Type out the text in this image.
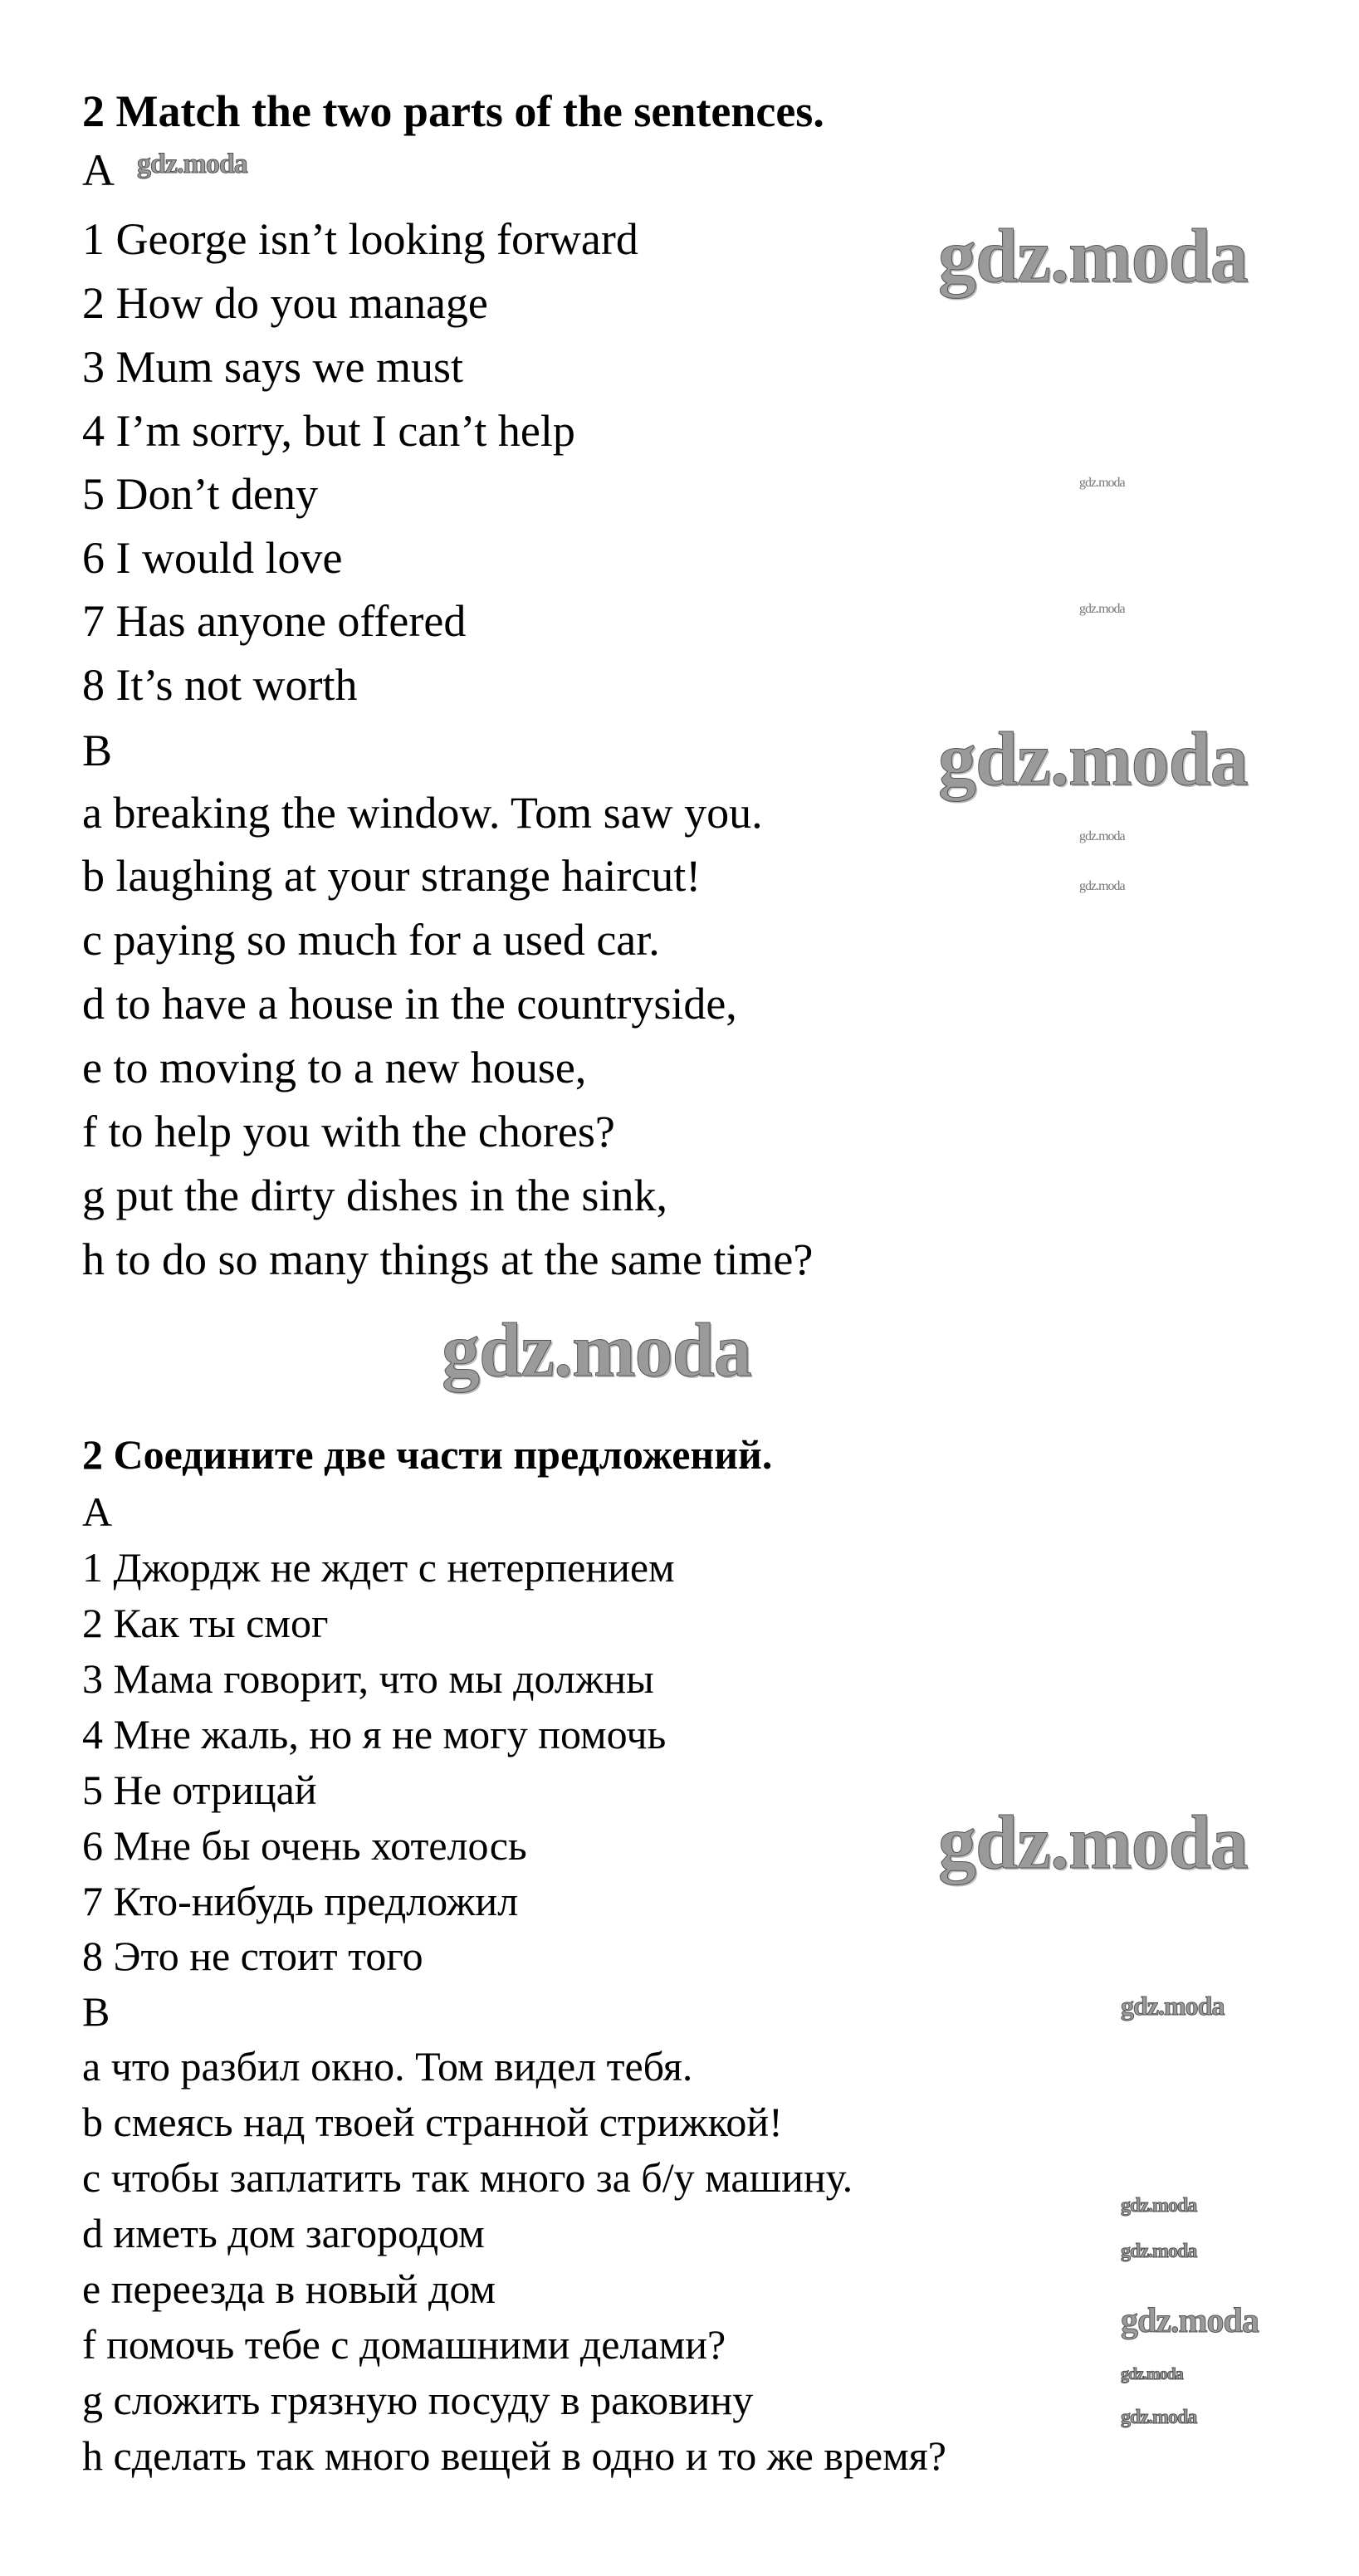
2 Match the two parts of the sentences.
A
1 George isn’t looking forward
2 How do you manage
3 Mum says we must
4 I’m sorry, but I can’t help
5 Don’t deny
6 I would love
7 Has anyone offered
8 It’s not worth
B
a breaking the window. Tom saw you.
b laughing at your strange haircut!
c paying so much for a used car.
d to have a house in the countryside,
e to moving to a new house,
f to help you with the chores?
g put the dirty dishes in the sink,
h to do so many things at the same time?
2 Соедините две части предложений.
A
1 Джордж не ждет с нетерпением
2 Как ты смог
3 Мама говорит, что мы должны
4 Мне жаль, но я не могу помочь
5 Не отрицай
6 Мне бы очень хотелось
7 Кто-нибудь предложил
8 Это не стоит того
B
a что разбил окно. Том видел тебя.
b смеясь над твоей странной стрижкой!
c чтобы заплатить так много за б/у машину.
d иметь дом загородом
e переезда в новый дом
f помочь тебе с домашними делами?
g сложить грязную посуду в раковину
h сделать так много вещей в одно и то же время?
gdz.moda
gdz.moda
gdz.moda
gdz.moda
gdz.moda
gdz.moda
gdz.moda
gdz.moda
gdz.moda
gdz.moda
gdz.moda
gdz.moda
gdz.moda
gdz.moda
gdz.moda
